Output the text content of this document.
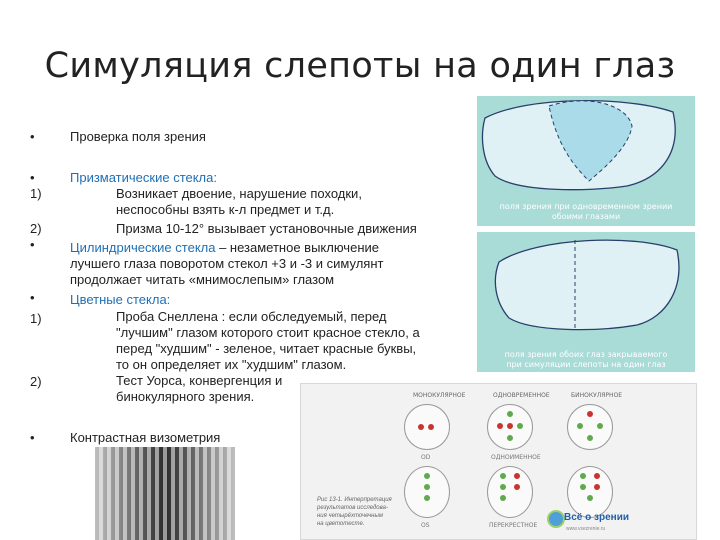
Симуляция слепоты на один глаз
•	Проверка поля зрения
•	Призматические стекла:
1)	Возникает двоение, нарушение походки,
неспособны взять к-л предмет и т.д.
2)	Призма 10-12° вызывает установочные движения
•	Цилиндрические стекла – незаметное выключение
лучшего глаза поворотом стекол +3 и -3 и симулянт
продолжает читать «мнимослепым» глазом
•	Цветные стекла:
1)	Проба Снеллена : если обследуемый, перед
"лучшим" глазом которого стоит красное стекло, а
перед "худшим" - зеленое, читает красные буквы,
то он определяет их "худшим" глазом.
2)	Тест Уорса, конвергенция и
бинокулярного зрения.
•	Контрастная визометрия
поля зрения при одновременном зрении
обоими глазами
поля зрения обоих глаз закрываемого
при симуляции слепоты на один глаз
МОНОКУЛЯРНОЕ	ОДНОВРЕМЕННОЕ	БИНОКУЛЯРНОЕ
OD	ОДНОИМЕННОЕ
OS	ПЕРЕКРЕСТНОЕ
Рис 13-1. Интерпретация
результатов исследова-
ния четырёхточечным
на цветотесте.
Всё о зрении
www.vsezrenie.ru
